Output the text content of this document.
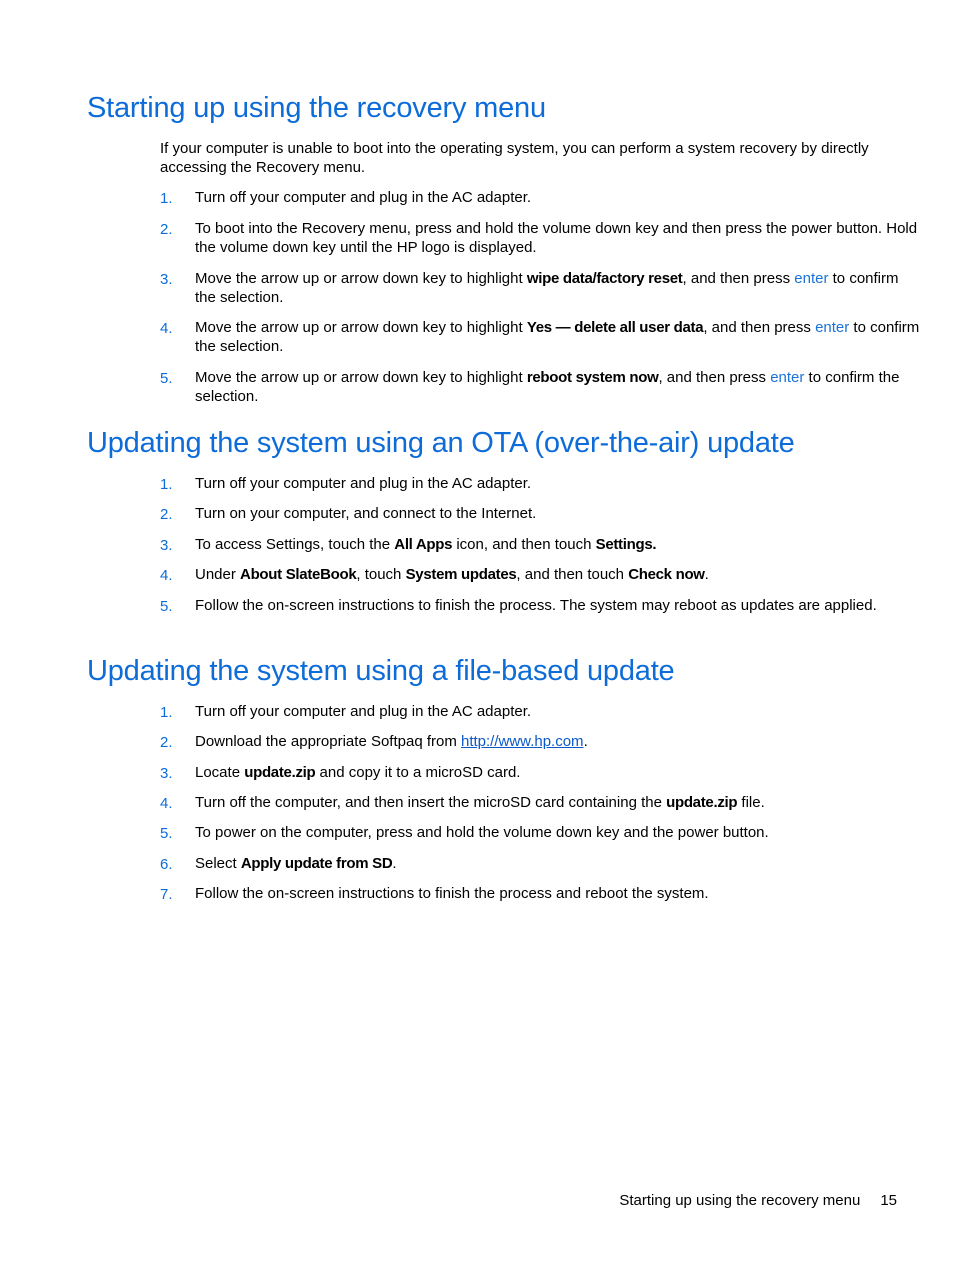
Starting up using the recovery menu

If your computer is unable to boot into the operating system, you can perform a system recovery by directly accessing the Recovery menu.

1. Turn off your computer and plug in the AC adapter.
2. To boot into the Recovery menu, press and hold the volume down key and then press the power button. Hold the volume down key until the HP logo is displayed.
3. Move the arrow up or arrow down key to highlight wipe data/factory reset, and then press enter to confirm the selection.
4. Move the arrow up or arrow down key to highlight Yes — delete all user data, and then press enter to confirm the selection.
5. Move the arrow up or arrow down key to highlight reboot system now, and then press enter to confirm the selection.
Updating the system using an OTA (over-the-air) update
1. Turn off your computer and plug in the AC adapter.
2. Turn on your computer, and connect to the Internet.
3. To access Settings, touch the All Apps icon, and then touch Settings.
4. Under About SlateBook, touch System updates, and then touch Check now.
5. Follow the on-screen instructions to finish the process. The system may reboot as updates are applied.
Updating the system using a file-based update
1. Turn off your computer and plug in the AC adapter.
2. Download the appropriate Softpaq from http://www.hp.com.
3. Locate update.zip and copy it to a microSD card.
4. Turn off the computer, and then insert the microSD card containing the update.zip file.
5. To power on the computer, press and hold the volume down key and the power button.
6. Select Apply update from SD.
7. Follow the on-screen instructions to finish the process and reboot the system.
Starting up using the recovery menu 15
